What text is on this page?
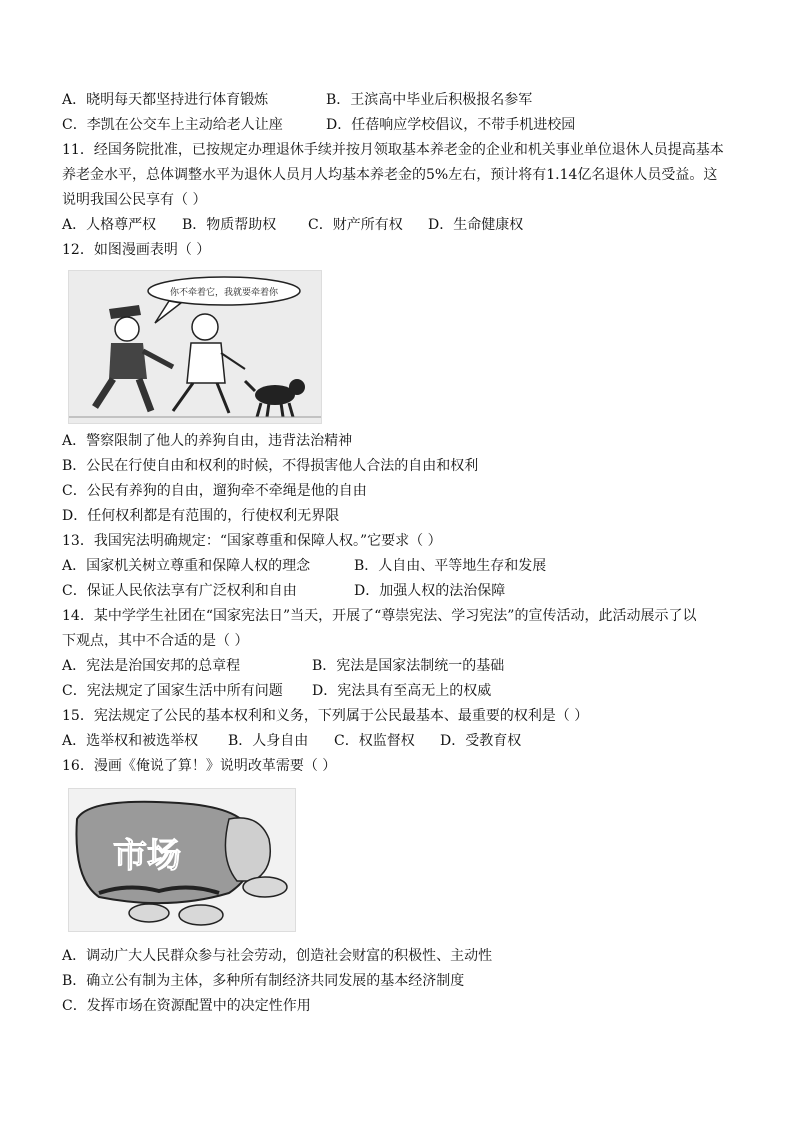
A．晓明每天都坚持进行体育锻炼	B．王滨高中毕业后积极报名参军
C．李凯在公交车上主动给老人让座	D．任蓓响应学校倡议，不带手机进校园
11．经国务院批准，已按规定办理退休手续并按月领取基本养老金的企业和机关事业单位退休人员提高基本
养老金水平，总体调整水平为退休人员月人均基本养老金的5%左右，预计将有1.14亿名退休人员受益。这
说明我国公民享有（ ）
A．人格尊严权 B．物质帮助权 C．财产所有权 D．生命健康权
12．如图漫画表明（ ）
你不牵着它，我就要牵着你
A．警察限制了他人的养狗自由，违背法治精神
B．公民在行使自由和权利的时候，不得损害他人合法的自由和权利
C．公民有养狗的自由，遛狗牵不牵绳是他的自由
D．任何权利都是有范围的，行使权利无界限
13．我国宪法明确规定：“国家尊重和保障人权。”它要求（ ）
A．国家机关树立尊重和保障人权的理念	B．人自由、平等地生存和发展
C．保证人民依法享有广泛权利和自由	D．加强人权的法治保障
14．某中学学生社团在“国家宪法日”当天，开展了“尊崇宪法、学习宪法”的宣传活动，此活动展示了以
下观点，其中不合适的是（ ）
A．宪法是治国安邦的总章程	B．宪法是国家法制统一的基础
C．宪法规定了国家生活中所有问题 D．宪法具有至高无上的权威
15．宪法规定了公民的基本权利和义务，下列属于公民最基本、最重要的权利是（ ）
A．选举权和被选举权 B．人身自由 C．权监督权 D．受教育权
16．漫画《俺说了算！》说明改革需要（ ）
市场
A．调动广大人民群众参与社会劳动，创造社会财富的积极性、主动性
B．确立公有制为主体，多种所有制经济共同发展的基本经济制度
C．发挥市场在资源配置中的决定性作用
